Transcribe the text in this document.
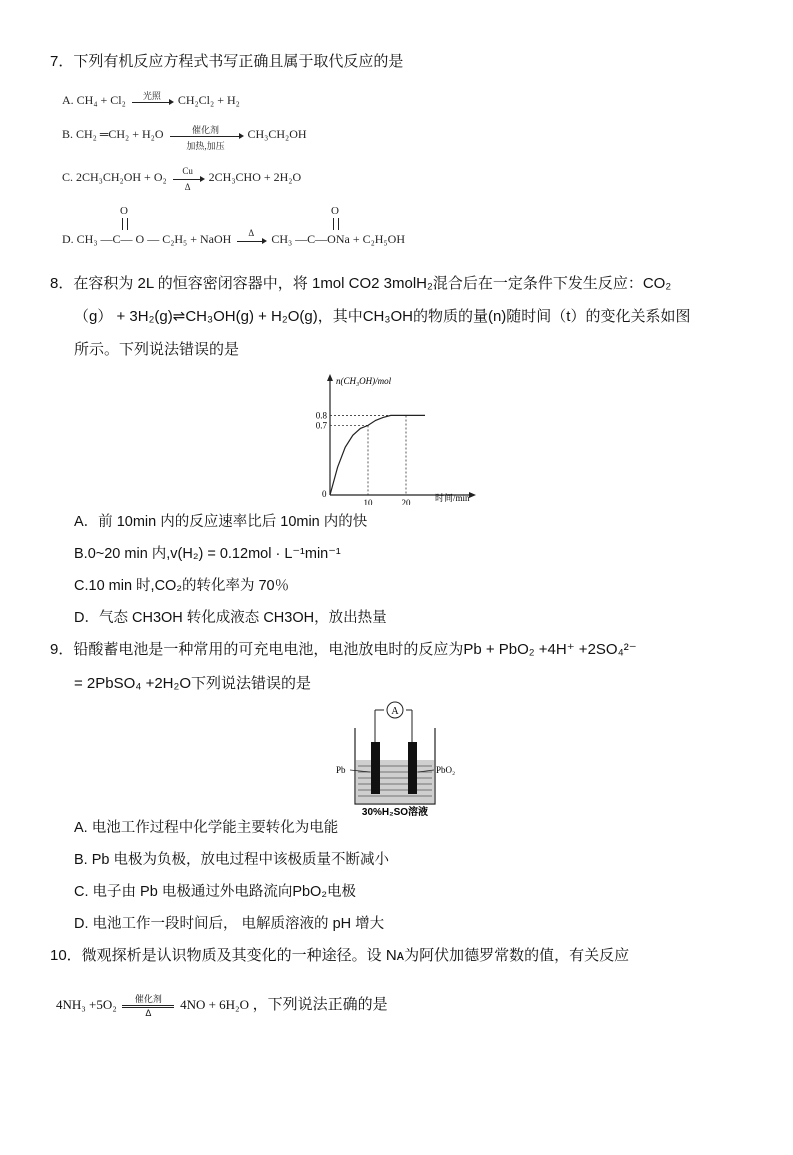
7．下列有机反应方程式书写正确且属于取代反应的是
A. CH₄ + Cl₂	光照	CH₂Cl₂ + H₂
B. CH₂ ═CH₂ + H₂O	催化剂
加热,加压
CH₃CH₂OH
C. $2CH_3CH_2OH + O_2 \frac{Cu}{\Delta} 2CH_3CHO + 2H_2O$
O	O
D. CH₃ —C— O — C₂H₅ + NaOH	Δ	CH₃ —C—ONa + C₂H₅OH
8．在容积为 2L 的恒容密闭容器中，将 1mol CO2 3molH₂混合后在一定条件下发生反应：CO₂
（g） + 3H₂(g)⇌CH₃OH(g) + H₂O(g)，其中CH₃OH的物质的量(n)随时间（t）的变化关系如图
所示。下列说法错误的是
n(CH₃OH)/mol
时间/min
0
10	20
0.7
0.8
A．前 10min 内的反应速率比后 10min 内的快
B.0~20 min 内,v(H₂) = 0.12mol · L⁻¹min⁻¹
C.10 min 时,CO₂的转化率为 70％
D．气态 CH3OH 转化成液态 CH3OH，放出热量
9．铅酸蓄电池是一种常用的可充电电池，电池放电时的反应为Pb + PbO₂ +4H⁺ +2SO₄²⁻
= 2PbSO₄ +2H₂O下列说法错误的是
A
Pb	PbO₂
30%H₂SO溶液
A. 电池工作过程中化学能主要转化为电能
B. Pb 电极为负极，放电过程中该极质量不断减小
C. 电子由 Pb 电极通过外电路流向PbO₂电极
D. 电池工作一段时间后， 电解质溶液的 pH 增大
10．微观探析是认识物质及其变化的一种途径。设 Nᴀ为阿伏加德罗常数的值，有关反应
4NH₃ +5O₂	催化剂
Δ
4NO + 6H₂O ，下列说法正确的是
